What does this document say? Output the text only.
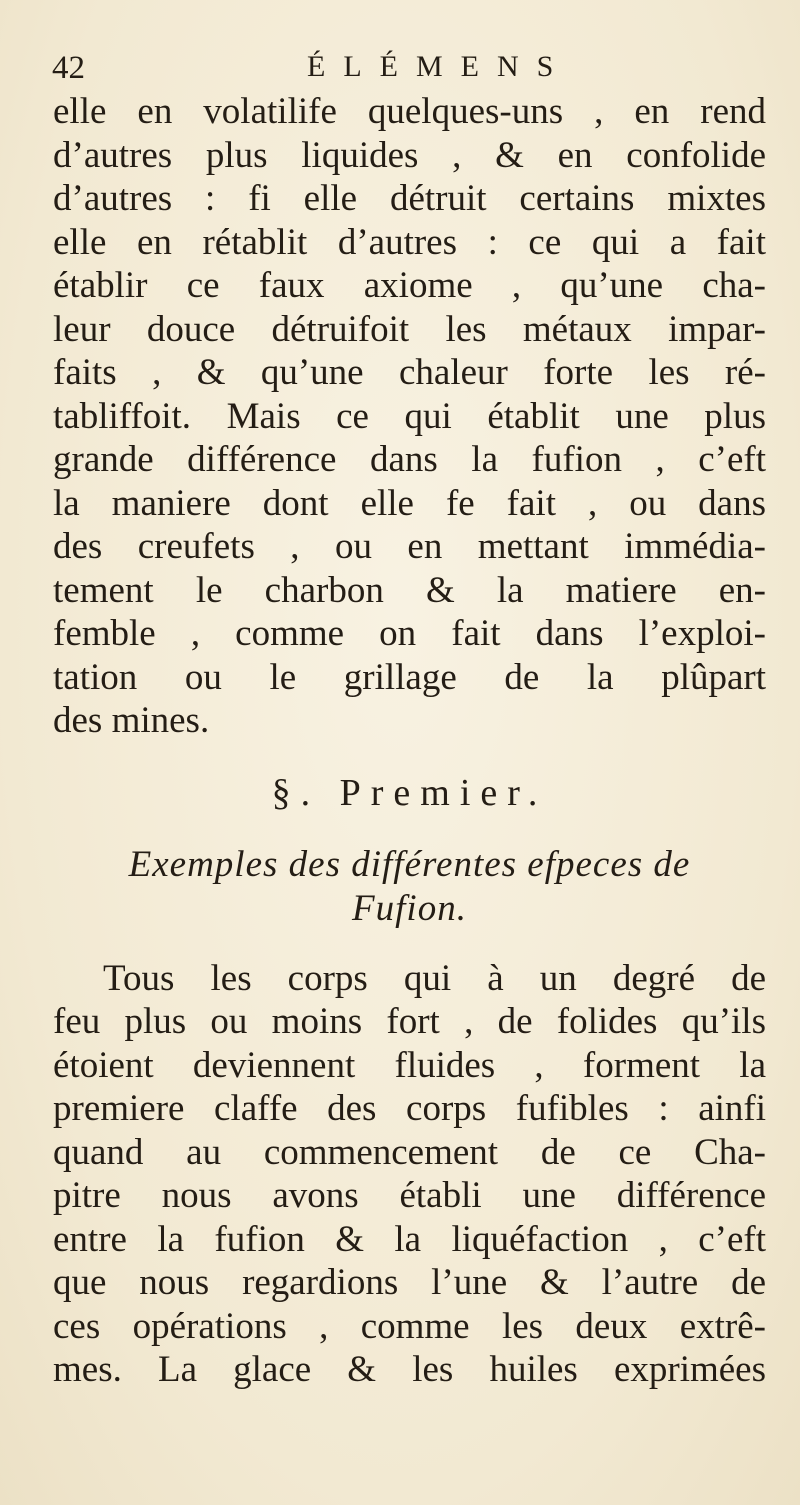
42	ÉLÉMENS
elle en volatilife quelques-uns , en rend
d’autres plus liquides , & en confolide
d’autres : fi elle détruit certains mixtes
elle en rétablit d’autres : ce qui a fait
établir ce faux axiome , qu’une cha-
leur douce détruifoit les métaux impar-
faits , & qu’une chaleur forte les ré-
tabliffoit. Mais ce qui établit une plus
grande différence dans la fufion , c’eft
la maniere dont elle fe fait , ou dans
des creufets , ou en mettant immédia-
tement le charbon & la matiere en-
femble , comme on fait dans l’exploi-
tation ou le grillage de la plûpart
des mines.
§. Premier.
Exemples des différentes efpeces de
Fufion.
Tous les corps qui à un degré de
feu plus ou moins fort , de folides qu’ils
étoient deviennent fluides , forment la
premiere claffe des corps fufibles : ainfi
quand au commencement de ce Cha-
pitre nous avons établi une différence
entre la fufion & la liquéfaction , c’eft
que nous regardions l’une & l’autre de
ces opérations , comme les deux extrê-
mes. La glace & les huiles exprimées
